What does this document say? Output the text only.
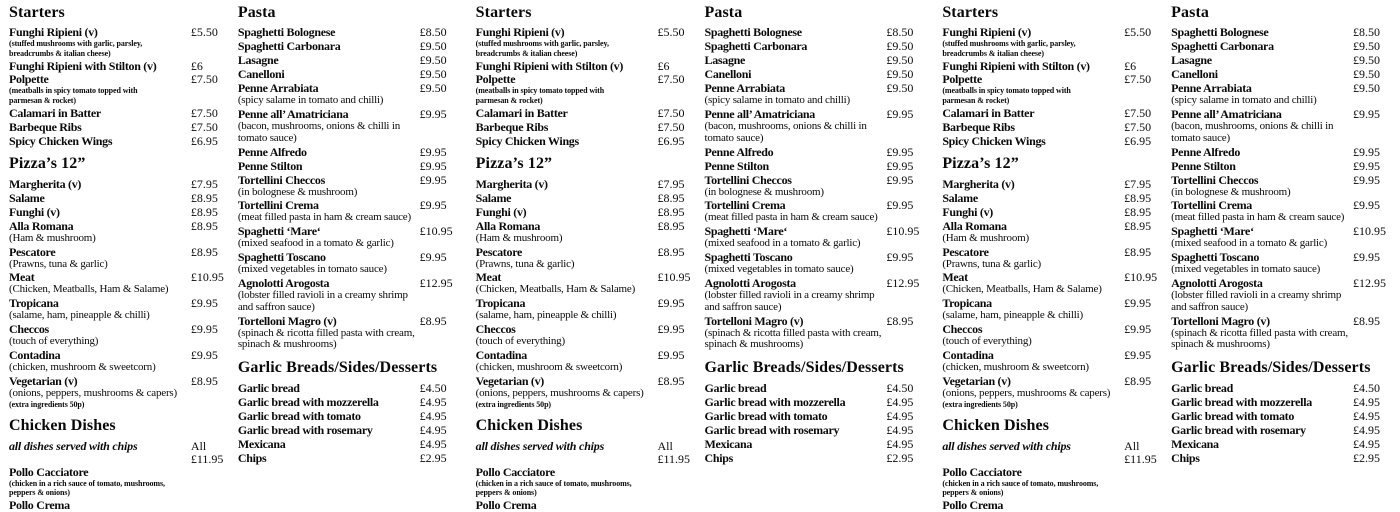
Starters
Funghi Ripieni (v)	£5.50
(stuffed mushrooms with garlic, parsley, breadcrumbs & italian cheese)
Funghi Ripieni with Stilton (v)	£6
Polpette	£7.50
(meatballs in spicy tomato topped with parmesan & rocket)
Calamari in Batter	£7.50
Barbeque Ribs	£7.50
Spicy Chicken Wings	£6.95
Pizza’s 12”
Margherita (v)	£7.95
Salame	£8.95
Funghi (v)	£8.95
Alla Romana	£8.95
(Ham & mushroom)
Pescatore	£8.95
(Prawns, tuna & garlic)
Meat	£10.95
(Chicken, Meatballs, Ham & Salame)
Tropicana	£9.95
(salame, ham, pineapple & chilli)
Checcos	£9.95
(touch of everything)
Contadina	£9.95
(chicken, mushroom & sweetcorn)
Vegetarian (v)	£8.95
(onions, peppers, mushrooms & capers)
(extra ingredients 50p)
Chicken Dishes
all dishes served with chips	All
£11.95
Pollo Cacciatore
(chicken in a rich sauce of tomato, mushrooms, peppers & onions)
Pollo Crema
Pasta
Spaghetti Bolognese	£8.50
Spaghetti Carbonara	£9.50
Lasagne	£9.50
Canelloni	£9.50
Penne Arrabiata	£9.50
(spicy salame in tomato and chilli)
Penne all’ Amatriciana	£9.95
(bacon, mushrooms, onions & chilli in tomato sauce)
Penne Alfredo	£9.95
Penne Stilton	£9.95
Tortellini Checcos	£9.95
(in bolognese & mushroom)
Tortellini Crema	£9.95
(meat filled pasta in ham & cream sauce)
Spaghetti ‘Mare‘	£10.95
(mixed seafood in a tomato & garlic)
Spaghetti Toscano	£9.95
(mixed vegetables in tomato sauce)
Agnolotti Arogosta	£12.95
(lobster filled ravioli in a creamy shrimp and saffron sauce)
Tortelloni Magro (v)	£8.95
(spinach & ricotta filled pasta with cream, spinach & mushrooms)
Garlic Breads/Sides/Desserts
Garlic bread	£4.50
Garlic bread with mozzerella	£4.95
Garlic bread with tomato	£4.95
Garlic bread with rosemary	£4.95
Mexicana	£4.95
Chips	£2.95
Starters
Funghi Ripieni (v)	£5.50
(stuffed mushrooms with garlic, parsley, breadcrumbs & italian cheese)
Funghi Ripieni with Stilton (v)	£6
Polpette	£7.50
(meatballs in spicy tomato topped with parmesan & rocket)
Calamari in Batter	£7.50
Barbeque Ribs	£7.50
Spicy Chicken Wings	£6.95
Pizza’s 12”
Margherita (v)	£7.95
Salame	£8.95
Funghi (v)	£8.95
Alla Romana	£8.95
(Ham & mushroom)
Pescatore	£8.95
(Prawns, tuna & garlic)
Meat	£10.95
(Chicken, Meatballs, Ham & Salame)
Tropicana	£9.95
(salame, ham, pineapple & chilli)
Checcos	£9.95
(touch of everything)
Contadina	£9.95
(chicken, mushroom & sweetcorn)
Vegetarian (v)	£8.95
(onions, peppers, mushrooms & capers)
(extra ingredients 50p)
Chicken Dishes
all dishes served with chips	All
£11.95
Pollo Cacciatore
(chicken in a rich sauce of tomato, mushrooms, peppers & onions)
Pollo Crema
Pasta
Spaghetti Bolognese	£8.50
Spaghetti Carbonara	£9.50
Lasagne	£9.50
Canelloni	£9.50
Penne Arrabiata	£9.50
(spicy salame in tomato and chilli)
Penne all’ Amatriciana	£9.95
(bacon, mushrooms, onions & chilli in tomato sauce)
Penne Alfredo	£9.95
Penne Stilton	£9.95
Tortellini Checcos	£9.95
(in bolognese & mushroom)
Tortellini Crema	£9.95
(meat filled pasta in ham & cream sauce)
Spaghetti ‘Mare‘	£10.95
(mixed seafood in a tomato & garlic)
Spaghetti Toscano	£9.95
(mixed vegetables in tomato sauce)
Agnolotti Arogosta	£12.95
(lobster filled ravioli in a creamy shrimp and saffron sauce)
Tortelloni Magro (v)	£8.95
(spinach & ricotta filled pasta with cream, spinach & mushrooms)
Garlic Breads/Sides/Desserts
Garlic bread	£4.50
Garlic bread with mozzerella	£4.95
Garlic bread with tomato	£4.95
Garlic bread with rosemary	£4.95
Mexicana	£4.95
Chips	£2.95
Starters
Funghi Ripieni (v)	£5.50
(stuffed mushrooms with garlic, parsley, breadcrumbs & italian cheese)
Funghi Ripieni with Stilton (v)	£6
Polpette	£7.50
(meatballs in spicy tomato topped with parmesan & rocket)
Calamari in Batter	£7.50
Barbeque Ribs	£7.50
Spicy Chicken Wings	£6.95
Pizza’s 12”
Margherita (v)	£7.95
Salame	£8.95
Funghi (v)	£8.95
Alla Romana	£8.95
(Ham & mushroom)
Pescatore	£8.95
(Prawns, tuna & garlic)
Meat	£10.95
(Chicken, Meatballs, Ham & Salame)
Tropicana	£9.95
(salame, ham, pineapple & chilli)
Checcos	£9.95
(touch of everything)
Contadina	£9.95
(chicken, mushroom & sweetcorn)
Vegetarian (v)	£8.95
(onions, peppers, mushrooms & capers)
(extra ingredients 50p)
Chicken Dishes
all dishes served with chips	All
£11.95
Pollo Cacciatore
(chicken in a rich sauce of tomato, mushrooms, peppers & onions)
Pollo Crema
Pasta
Spaghetti Bolognese	£8.50
Spaghetti Carbonara	£9.50
Lasagne	£9.50
Canelloni	£9.50
Penne Arrabiata	£9.50
(spicy salame in tomato and chilli)
Penne all’ Amatriciana	£9.95
(bacon, mushrooms, onions & chilli in tomato sauce)
Penne Alfredo	£9.95
Penne Stilton	£9.95
Tortellini Checcos	£9.95
(in bolognese & mushroom)
Tortellini Crema	£9.95
(meat filled pasta in ham & cream sauce)
Spaghetti ‘Mare‘	£10.95
(mixed seafood in a tomato & garlic)
Spaghetti Toscano	£9.95
(mixed vegetables in tomato sauce)
Agnolotti Arogosta	£12.95
(lobster filled ravioli in a creamy shrimp and saffron sauce)
Tortelloni Magro (v)	£8.95
(spinach & ricotta filled pasta with cream, spinach & mushrooms)
Garlic Breads/Sides/Desserts
Garlic bread	£4.50
Garlic bread with mozzerella	£4.95
Garlic bread with tomato	£4.95
Garlic bread with rosemary	£4.95
Mexicana	£4.95
Chips	£2.95
